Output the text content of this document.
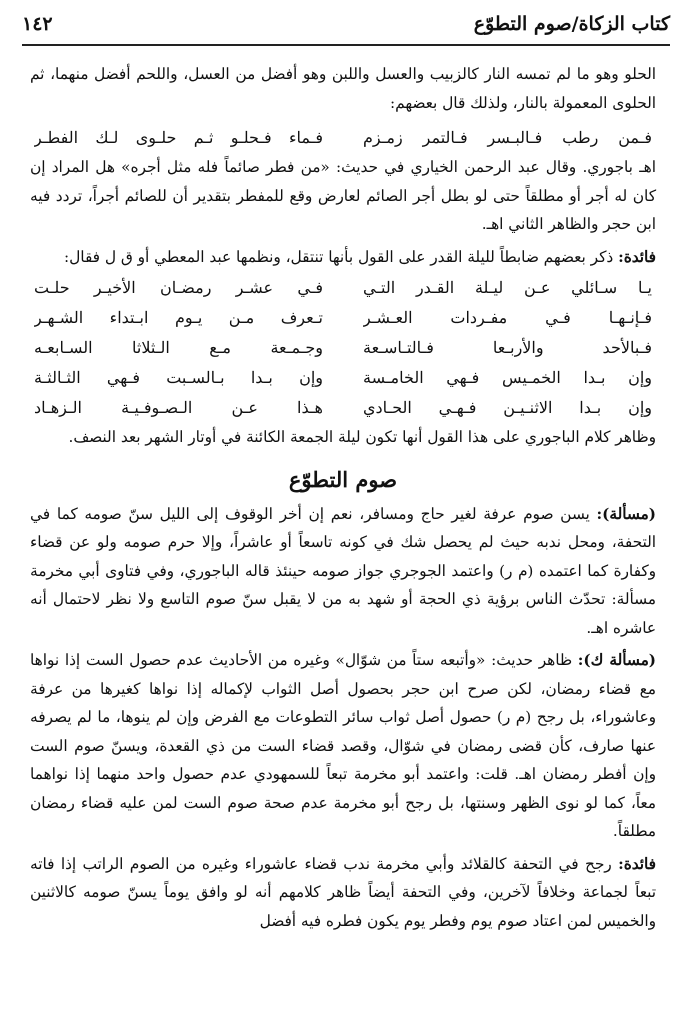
كتاب الزكاة/صوم التطوّع
١٤٢

الحلو وهو ما لم تمسه النار كالزبيب والعسل واللبن وهو أفضل من العسل، واللحم أفضل منهما، ثم الحلوى المعمولة بالنار، ولذلك قال بعضهم:

فـمن رطب فـالبـسر فـالتمر زمـزم
فـماء فـحلـو ثـم حلـوى لـك الفطـر

اهـ باجوري. وقال عبد الرحمن الخياري في حديث: «من فطر صائماً فله مثل أجره» هل المراد إن كان له أجر أو مطلقاً حتى لو بطل أجر الصائم لعارض وقع للمفطر بتقدير أن للصائم أجراً، تردد فيه ابن حجر والظاهر الثاني اهـ.

فائدة: ذكر بعضهم ضابطاً لليلة القدر على القول بأنها تنتقل، ونظمها عبد المعطي أو ق ل فقال:

يـا سـائلي عـن ليـلة القـدر التـي
فـي عشـر رمضـان الأخيـر حلـت
فـإنـهـا فـي مفـردات العـشـر
تـعرف مـن يـوم ابـتداء الشـهـر
فـبالأحد والأربـعا فـالتـاسـعة
وجـمـعة مـع الـثلاثا السـابعـه
وإن بـدا الخمـيس فـهي الخامـسة
وإن بـدا بـالسـبت فـهي الثـالثـة
وإن بـدا الاثنـيـن فـهـي الحـادي
هـذا عـن الـصـوفـيـة الـزهـاد

وظاهر كلام الباجوري على هذا القول أنها تكون ليلة الجمعة الكائنة في أوتار الشهر بعد النصف.

صوم التطوّع

(مسألة): يسن صوم عرفة لغير حاج ومسافر، نعم إن أخر الوقوف إلى الليل سنّ صومه كما في التحفة، ومحل ندبه حيث لم يحصل شك في كونه تاسعاً أو عاشراً، وإلا حرم صومه ولو عن قضاء وكفارة كما اعتمده (م ر) واعتمد الجوجري جواز صومه حينئذ قاله الباجوري، وفي فتاوى أبي مخرمة مسألة: تحدّث الناس برؤية ذي الحجة أو شهد به من لا يقبل سنّ صوم التاسع ولا نظر لاحتمال أنه عاشره اهـ.

(مسألة ك): ظاهر حديث: «وأتبعه ستاً من شوّال» وغيره من الأحاديث عدم حصول الست إذا نواها مع قضاء رمضان، لكن صرح ابن حجر بحصول أصل الثواب لإكماله إذا نواها كغيرها من عرفة وعاشوراء، بل رجح (م ر) حصول أصل ثواب سائر التطوعات مع الفرض وإن لم ينوها، ما لم يصرفه عنها صارف، كأن قضى رمضان في شوّال، وقصد قضاء الست من ذي القعدة، ويسنّ صوم الست وإن أفطر رمضان اهـ. قلت: واعتمد أبو مخرمة تبعاً للسمهودي عدم حصول واحد منهما إذا نواهما معاً، كما لو نوى الظهر وسنتها، بل رجح أبو مخرمة عدم صحة صوم الست لمن عليه قضاء رمضان مطلقاً.

فائدة: رجح في التحفة كالقلائد وأبي مخرمة ندب قضاء عاشوراء وغيره من الصوم الراتب إذا فاته تبعاً لجماعة وخلافاً لآخرين، وفي التحفة أيضاً ظاهر كلامهم أنه لو وافق يوماً يسنّ صومه كالاثنين والخميس لمن اعتاد صوم يوم وفطر يوم يكون فطره فيه أفضل
